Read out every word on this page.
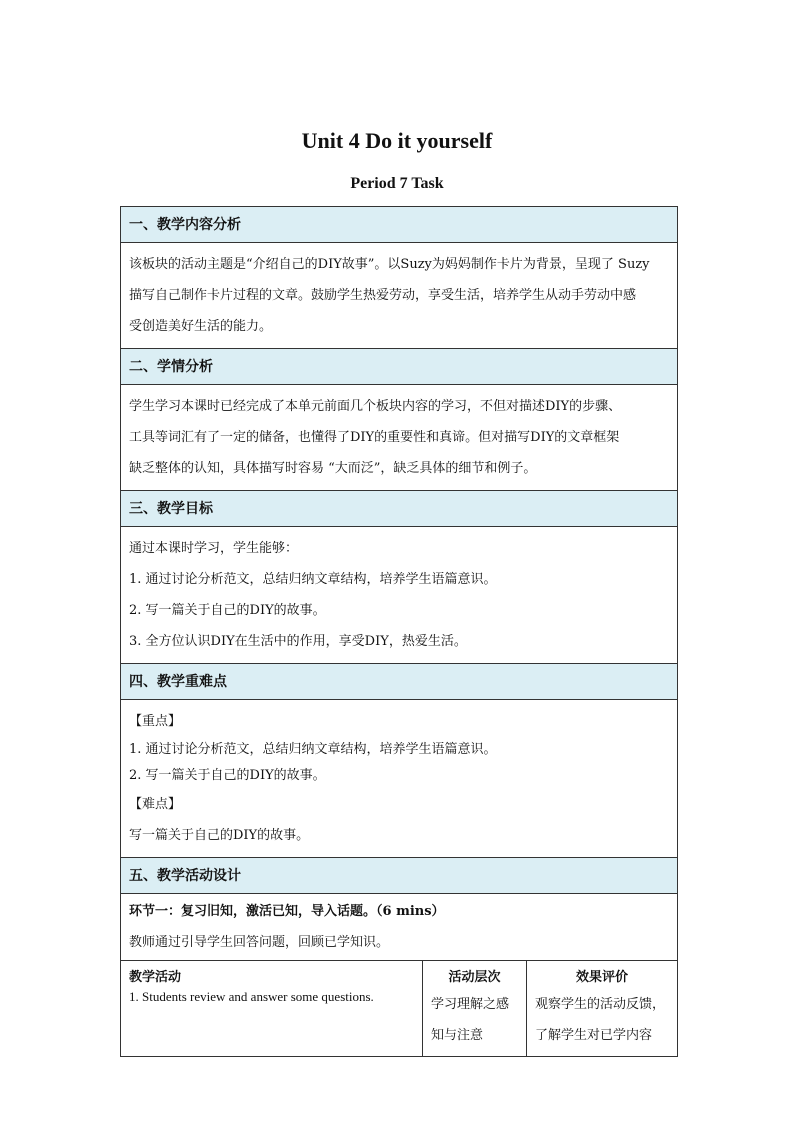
Unit 4 Do it yourself
Period 7 Task
一、教学内容分析
该板块的活动主题是“介绍自己的DIY故事”。以Suzy为妈妈制作卡片为背景，呈现了 Suzy
描写自己制作卡片过程的文章。鼓励学生热爱劳动，享受生活，培养学生从动手劳动中感
受创造美好生活的能力。
二、学情分析
学生学习本课时已经完成了本单元前面几个板块内容的学习，不但对描述DIY的步骤、
工具等词汇有了一定的储备，也懂得了DIY的重要性和真谛。但对描写DIY的文章框架
缺乏整体的认知，具体描写时容易 “大而泛”，缺乏具体的细节和例子。
三、教学目标
通过本课时学习，学生能够：
1. 通过讨论分析范文，总结归纳文章结构，培养学生语篇意识。
2. 写一篇关于自己的DIY的故事。
3. 全方位认识DIY在生活中的作用，享受DIY，热爱生活。
四、教学重难点
【重点】
1. 通过讨论分析范文，总结归纳文章结构，培养学生语篇意识。
2. 写一篇关于自己的DIY的故事。
【难点】
写一篇关于自己的DIY的故事。
五、教学活动设计
环节一：复习旧知，激活已知，导入话题。（6 mins）
教师通过引导学生回答问题，回顾已学知识。
教学活动
1. Students review and answer some questions.
活动层次
学习理解之感
知与注意
效果评价
观察学生的活动反馈，
了解学生对已学内容
